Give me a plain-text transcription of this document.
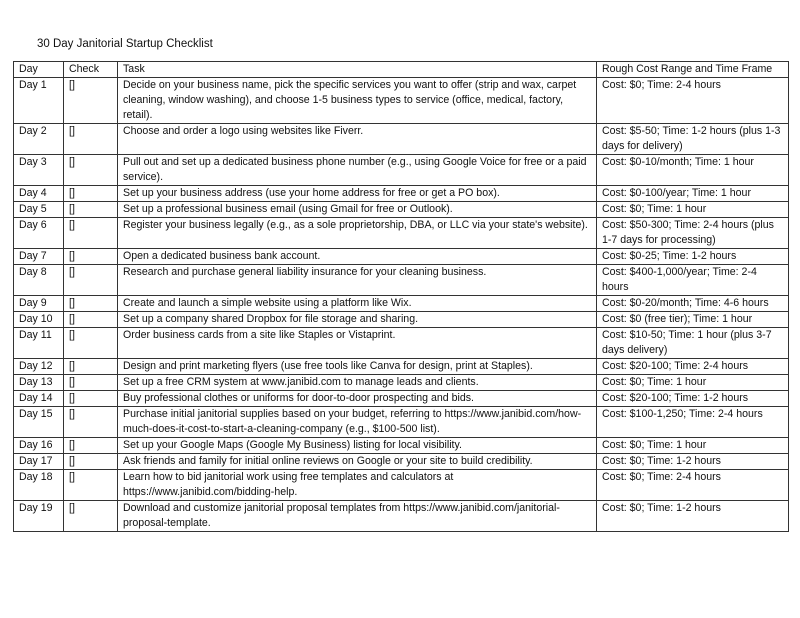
30 Day Janitorial Startup Checklist
Day	Check	Task	Rough Cost Range and Time Frame
Day 1	[]	Decide on your business name, pick the specific services you want to offer (strip and wax, carpet cleaning, window washing), and choose 1-5 business types to service (office, medical, factory, retail).	Cost: $0; Time: 2-4 hours
Day 2	[]	Choose and order a logo using websites like Fiverr.	Cost: $5-50; Time: 1-2 hours (plus 1-3 days for delivery)
Day 3	[]	Pull out and set up a dedicated business phone number (e.g., using Google Voice for free or a paid service).	Cost: $0-10/month; Time: 1 hour
Day 4	[]	Set up your business address (use your home address for free or get a PO box).	Cost: $0-100/year; Time: 1 hour
Day 5	[]	Set up a professional business email (using Gmail for free or Outlook).	Cost: $0; Time: 1 hour
Day 6	[]	Register your business legally (e.g., as a sole proprietorship, DBA, or LLC via your state's website).	Cost: $50-300; Time: 2-4 hours (plus 1-7 days for processing)
Day 7	[]	Open a dedicated business bank account.	Cost: $0-25; Time: 1-2 hours
Day 8	[]	Research and purchase general liability insurance for your cleaning business.	Cost: $400-1,000/year; Time: 2-4 hours
Day 9	[]	Create and launch a simple website using a platform like Wix.	Cost: $0-20/month; Time: 4-6 hours
Day 10	[]	Set up a company shared Dropbox for file storage and sharing.	Cost: $0 (free tier); Time: 1 hour
Day 11	[]	Order business cards from a site like Staples or Vistaprint.	Cost: $10-50; Time: 1 hour (plus 3-7 days delivery)
Day 12	[]	Design and print marketing flyers (use free tools like Canva for design, print at Staples).	Cost: $20-100; Time: 2-4 hours
Day 13	[]	Set up a free CRM system at www.janibid.com to manage leads and clients.	Cost: $0; Time: 1 hour
Day 14	[]	Buy professional clothes or uniforms for door-to-door prospecting and bids.	Cost: $20-100; Time: 1-2 hours
Day 15	[]	Purchase initial janitorial supplies based on your budget, referring to https://www.janibid.com/how-much-does-it-cost-to-start-a-cleaning-company (e.g., $100-500 list).	Cost: $100-1,250; Time: 2-4 hours
Day 16	[]	Set up your Google Maps (Google My Business) listing for local visibility.	Cost: $0; Time: 1 hour
Day 17	[]	Ask friends and family for initial online reviews on Google or your site to build credibility.	Cost: $0; Time: 1-2 hours
Day 18	[]	Learn how to bid janitorial work using free templates and calculators at https://www.janibid.com/bidding-help.	Cost: $0; Time: 2-4 hours
Day 19	[]	Download and customize janitorial proposal templates from https://www.janibid.com/janitorial-proposal-template.	Cost: $0; Time: 1-2 hours
